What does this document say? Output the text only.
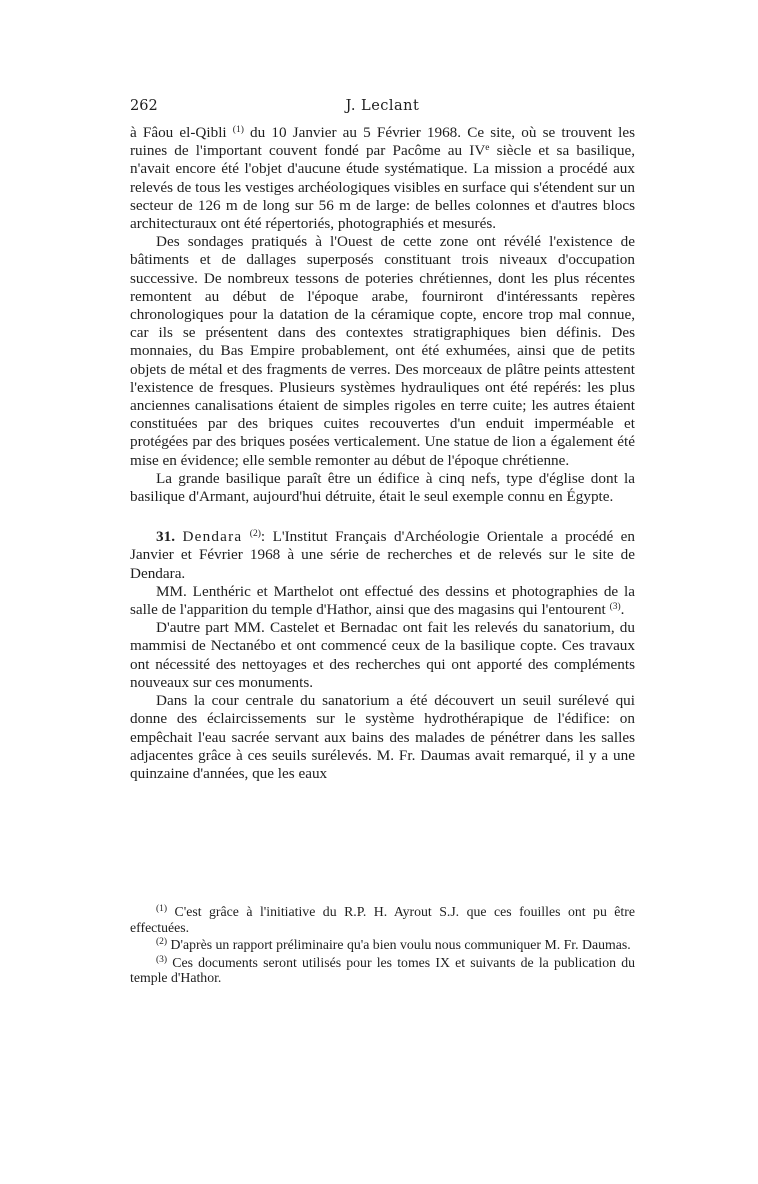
262	J. Leclant

à Fâou el-Qibli $^{(1)}$ du 10 Janvier au 5 Février 1968. Ce site, où se trouvent les ruines de l'important couvent fondé par Pacôme au IVe siècle et sa basilique, n'avait encore été l'objet d'aucune étude systématique. La mission a procédé aux relevés de tous les vestiges archéologiques visibles en surface qui s'étendent sur un secteur de 126 m de long sur 56 m de large: de belles colonnes et d'autres blocs architecturaux ont été répertoriés, photographiés et mesurés.

Des sondages pratiqués à l'Ouest de cette zone ont révélé l'existence de bâtiments et de dallages superposés constituant trois niveaux d'occupation successive. De nombreux tessons de poteries chrétiennes, dont les plus récentes remontent au début de l'époque arabe, fourniront d'intéressants repères chronologiques pour la datation de la céramique copte, encore trop mal connue, car ils se présentent dans des contextes stratigraphiques bien définis. Des monnaies, du Bas Empire probablement, ont été exhumées, ainsi que de petits objets de métal et des fragments de verres. Des morceaux de plâtre peints attestent l'existence de fresques. Plusieurs systèmes hydrauliques ont été repérés: les plus anciennes canalisations étaient de simples rigoles en terre cuite; les autres étaient constituées par des briques cuites recouvertes d'un enduit imperméable et protégées par des briques posées verticalement. Une statue de lion a également été mise en évidence; elle semble remonter au début de l'époque chrétienne.

La grande basilique paraît être un édifice à cinq nefs, type d'église dont la basilique d'Armant, aujourd'hui détruite, était le seul exemple connu en Égypte.

31. Dendara $^{(2)}$: L'Institut Français d'Archéologie Orientale a procédé en Janvier et Février 1968 à une série de recherches et de relevés sur le site de Dendara.

MM. Lenthéric et Marthelot ont effectué des dessins et photographies de la salle de l'apparition du temple d'Hathor, ainsi que des magasins qui l'entourent $^{(3)}$.

D'autre part MM. Castelet et Bernadac ont fait les relevés du sanatorium, du mammisi de Nectanébo et ont commencé ceux de la basilique copte. Ces travaux ont nécessité des nettoyages et des recherches qui ont apporté des compléments nouveaux sur ces monuments.

Dans la cour centrale du sanatorium a été découvert un seuil surélevé qui donne des éclaircissements sur le système hydrothérapique de l'édifice: on empêchait l'eau sacrée servant aux bains des malades de pénétrer dans les salles adjacentes grâce à ces seuils surélevés. M. Fr. Daumas avait remarqué, il y a une quinzaine d'années, que les eaux

$^{(1)}$ C'est grâce à l'initiative du R.P. H. Ayrout S.J. que ces fouilles ont pu être effectuées.

$^{(2)}$ D'après un rapport préliminaire qu'a bien voulu nous communiquer M. Fr. Daumas.

$^{(3)}$ Ces documents seront utilisés pour les tomes IX et suivants de la publication du temple d'Hathor.
